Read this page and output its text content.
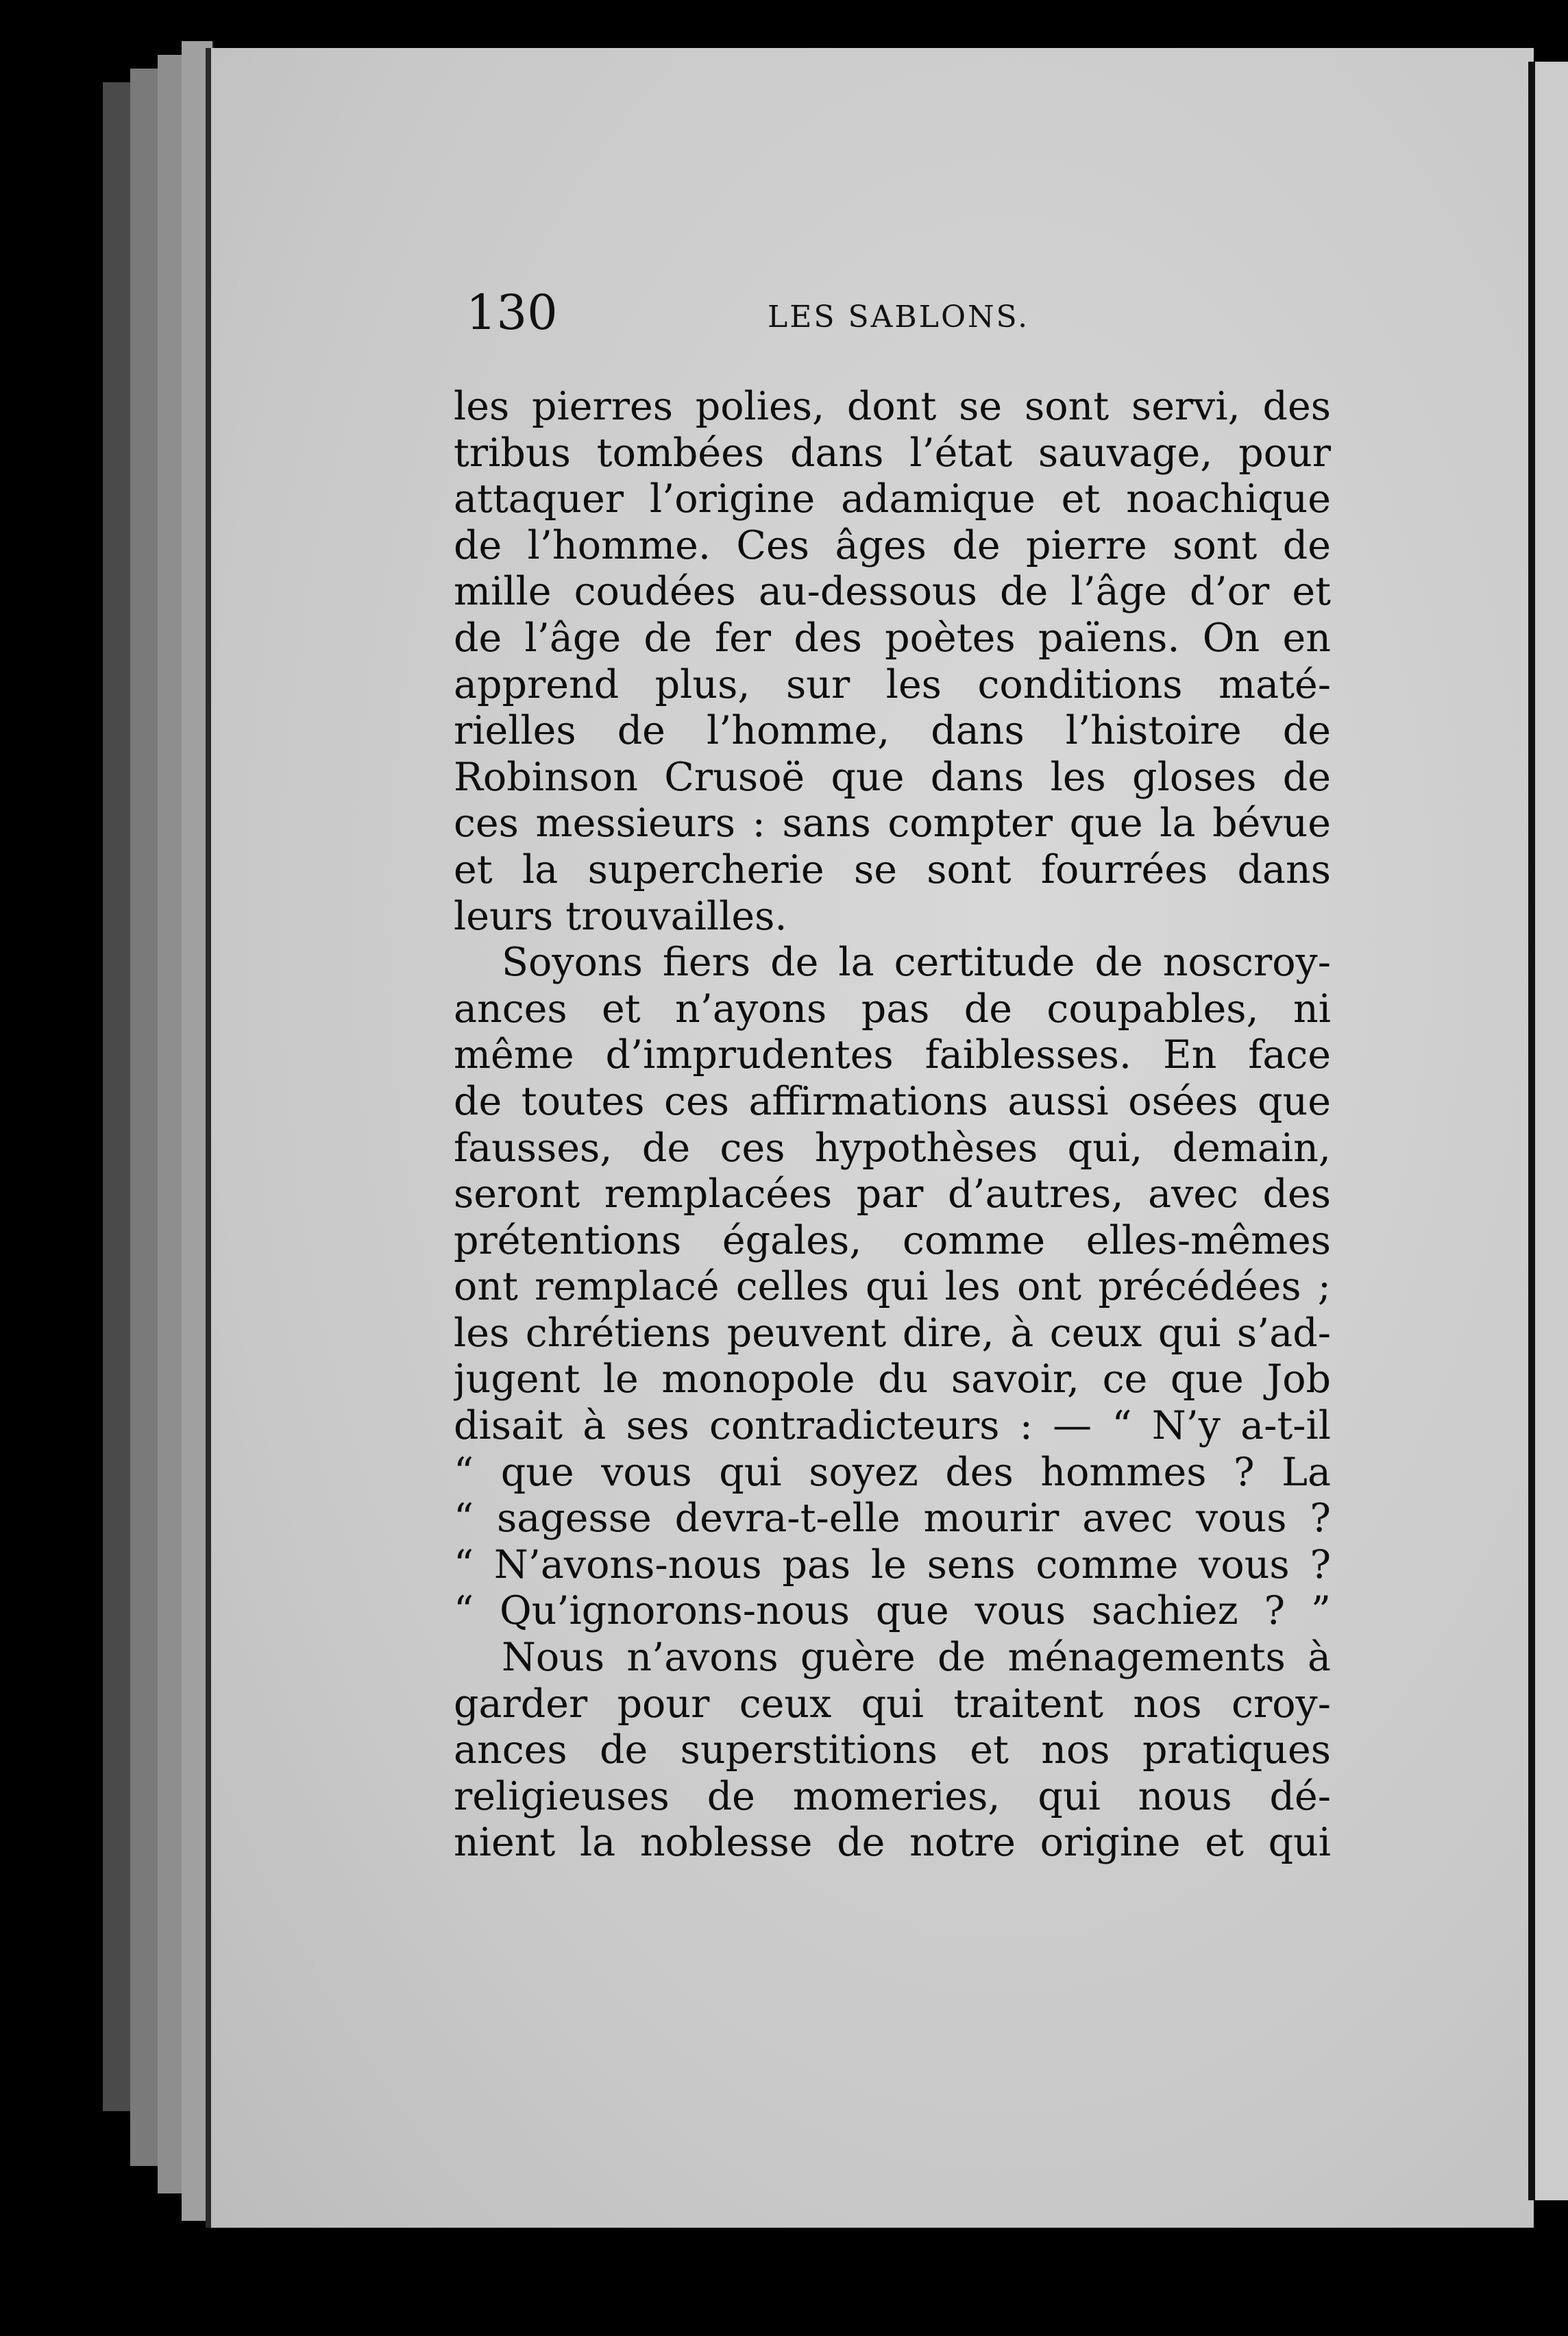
130	LES SABLONS.
les pierres polies, dont se sont servi, des
tribus tombées dans l’état sauvage, pour
attaquer l’origine adamique et noachique
de l’homme. Ces âges de pierre sont de
mille coudées au-dessous de l’âge d’or et
de l’âge de fer des poètes païens. On en
apprend plus, sur les conditions maté-
rielles de l’homme, dans l’histoire de
Robinson Crusoë que dans les gloses de
ces messieurs : sans compter que la bévue
et la supercherie se sont fourrées dans
leurs trouvailles.
Soyons fiers de la certitude de noscroy-
ances et n’ayons pas de coupables, ni
même d’imprudentes faiblesses. En face
de toutes ces affirmations aussi osées que
fausses, de ces hypothèses qui, demain,
seront remplacées par d’autres, avec des
prétentions égales, comme elles-mêmes
ont remplacé celles qui les ont précédées ;
les chrétiens peuvent dire, à ceux qui s’ad-
jugent le monopole du savoir, ce que Job
disait à ses contradicteurs : — “ N’y a-t-il
“ que vous qui soyez des hommes ? La
“ sagesse devra-t-elle mourir avec vous ?
“ N’avons-nous pas le sens comme vous ?
“ Qu’ignorons-nous que vous sachiez ? ”
Nous n’avons guère de ménagements à
garder pour ceux qui traitent nos croy-
ances de superstitions et nos pratiques
religieuses de momeries, qui nous dé-
nient la noblesse de notre origine et qui
